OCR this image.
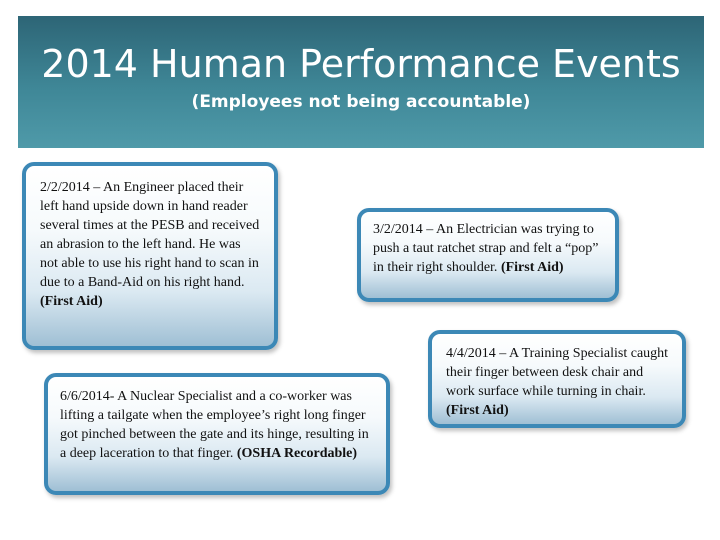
2014 Human Performance Events
(Employees not being accountable)
2/2/2014 – An Engineer placed their left hand upside down in hand reader several times at the PESB and received an abrasion to the left hand. He was not able to use his right hand to scan in due to a Band-Aid on his right hand. (First Aid)
3/2/2014 – An Electrician was trying to push a taut ratchet strap and felt a “pop” in their right shoulder. (First Aid)
4/4/2014 – A Training Specialist caught their finger between desk chair and work surface while turning in chair. (First Aid)
6/6/2014- A Nuclear Specialist and a co-worker was lifting a tailgate when the employee’s right long finger got pinched between the gate and its hinge, resulting in a deep laceration to that finger. (OSHA Recordable)
